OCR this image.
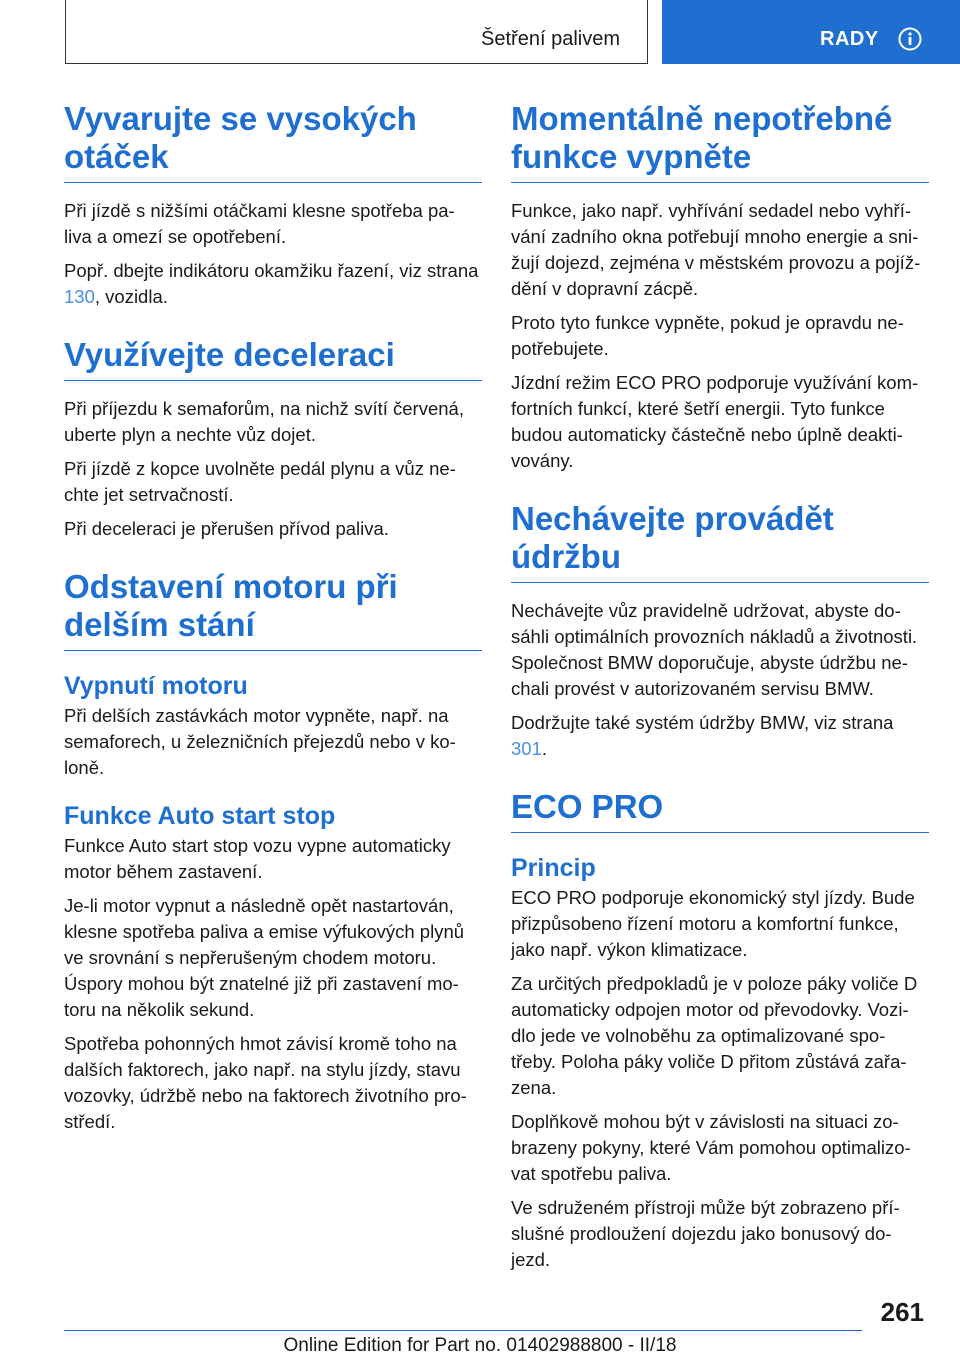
Šetření palivem	RADY
Vyvarujte se vysokých otáček

Při jízdě s nižšími otáčkami klesne spotřeba pa-liva a omezí se opotřebení.

Popř. dbejte indikátoru okamžiku řazení, viz strana 130, vozidla.

Využívejte deceleraci

Při příjezdu k semaforům, na nichž svítí červená, uberte plyn a nechte vůz dojet.

Při jízdě z kopce uvolněte pedál plynu a vůz ne-chte jet setrvačností.

Při deceleraci je přerušen přívod paliva.

Odstavení motoru při delším stání
Vypnutí motoru

Při delších zastávkách motor vypněte, např. na semaforech, u železničních přejezdů nebo v ko-loně.

Funkce Auto start stop

Funkce Auto start stop vozu vypne automaticky motor během zastavení.

Je-li motor vypnut a následně opět nastartován, klesne spotřeba paliva a emise výfukových plynů ve srovnání s nepřerušeným chodem motoru. Úspory mohou být znatelné již při zastavení mo-toru na několik sekund.

Spotřeba pohonných hmot závisí kromě toho na dalších faktorech, jako např. na stylu jízdy, stavu vozovky, údržbě nebo na faktorech životního pro-středí.

Momentálně nepotřebné funkce vypněte

Funkce, jako např. vyhřívání sedadel nebo vyhří-vání zadního okna potřebují mnoho energie a sni-žují dojezd, zejména v městském provozu a pojíž-dění v dopravní zácpě.

Proto tyto funkce vypněte, pokud je opravdu ne-potřebujete.

Jízdní režim ECO PRO podporuje využívání kom-fortních funkcí, které šetří energii. Tyto funkce budou automaticky částečně nebo úplně deakti-vovány.

Nechávejte provádět údržbu

Nechávejte vůz pravidelně udržovat, abyste do-sáhli optimálních provozních nákladů a životnosti. Společnost BMW doporučuje, abyste údržbu ne-chali provést v autorizovaném servisu BMW.

Dodržujte také systém údržby BMW, viz strana 301.

ECO PRO
Princip

ECO PRO podporuje ekonomický styl jízdy. Bude přizpůsobeno řízení motoru a komfortní funkce, jako např. výkon klimatizace.

Za určitých předpokladů je v poloze páky voliče D automaticky odpojen motor od převodovky. Vozi-dlo jede ve volnoběhu za optimalizované spo-třeby. Poloha páky voliče D přitom zůstává zařa-zena.

Doplňkově mohou být v závislosti na situaci zo-brazeny pokyny, které Vám pomohou optimalizo-vat spotřebu paliva.

Ve sdruženém přístroji může být zobrazeno pří-slušné prodloužení dojezdu jako bonusový do-jezd.

261
Online Edition for Part no. 01402988800 - II/18
